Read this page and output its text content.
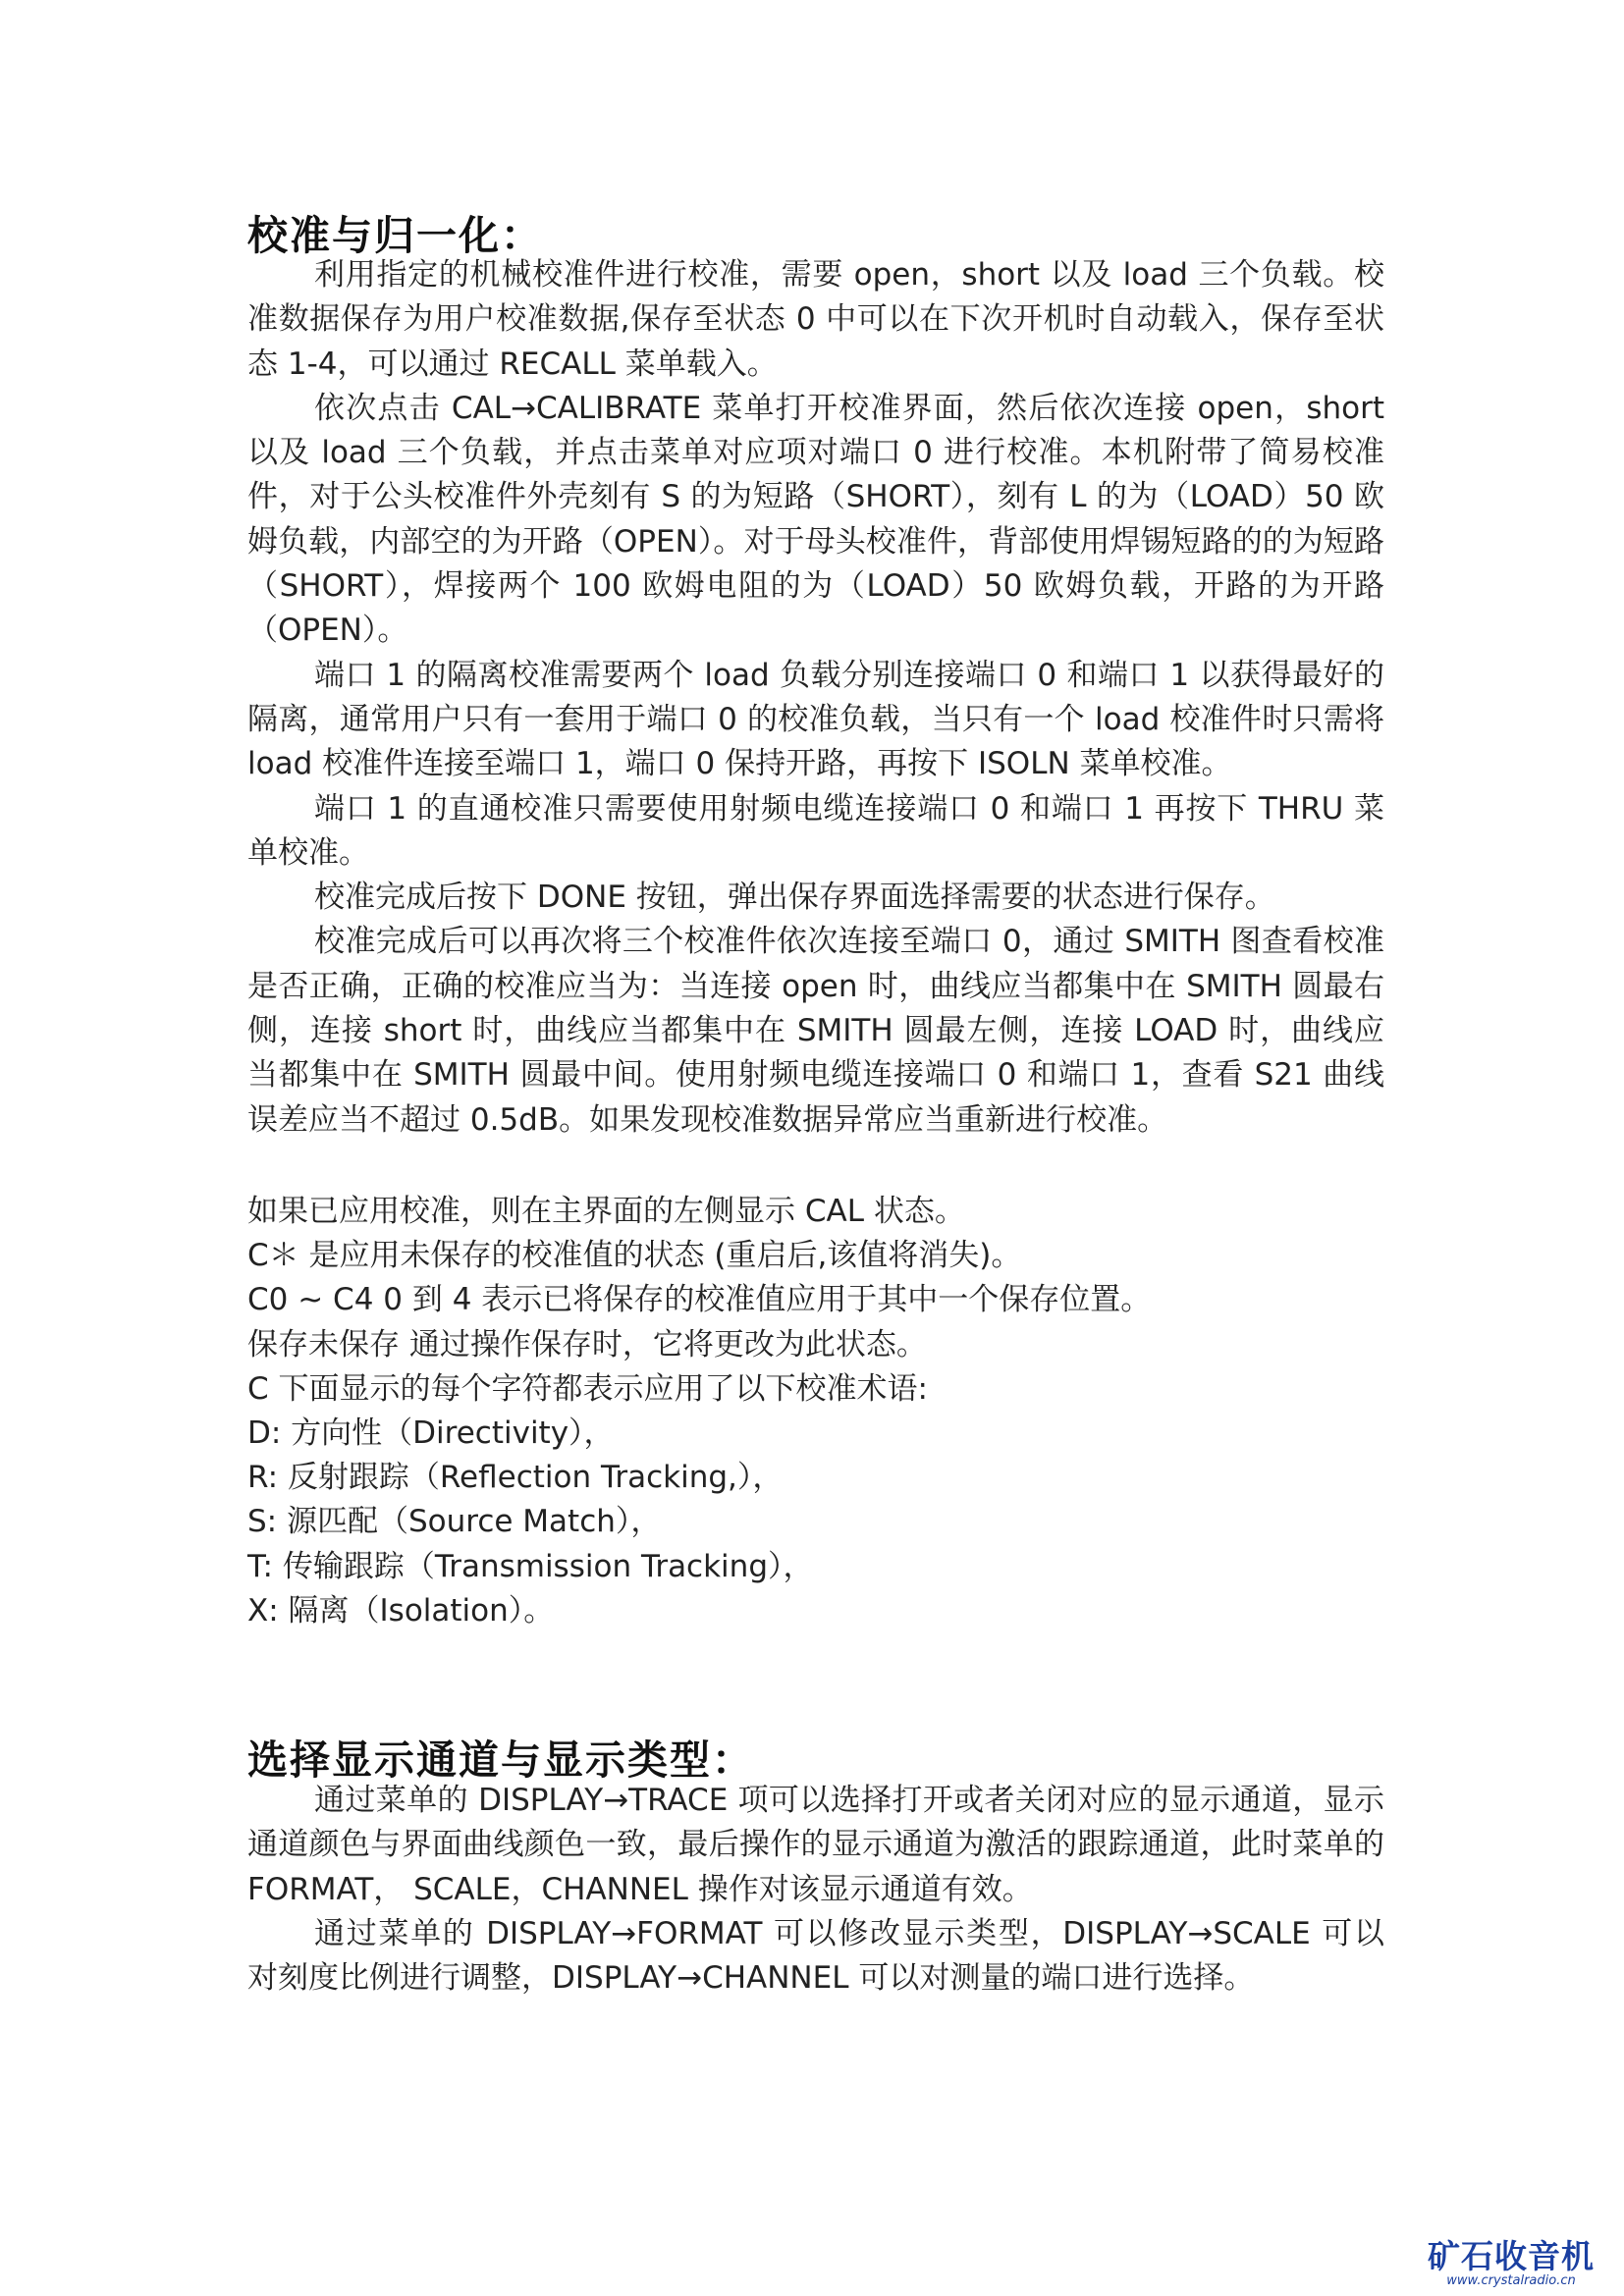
校准与归一化：

利用指定的机械校准件进行校准，需要 open，short 以及 load 三个负载。校准数据保存为用户校准数据,保存至状态 0 中可以在下次开机时自动载入，保存至状态 1-4，可以通过 RECALL 菜单载入。

依次点击 CAL→CALIBRATE 菜单打开校准界面，然后依次连接 open，short 以及 load 三个负载，并点击菜单对应项对端口 0 进行校准。本机附带了简易校准件，对于公头校准件外壳刻有 S 的为短路（SHORT），刻有 L 的为（LOAD）50 欧姆负载，内部空的为开路（OPEN）。对于母头校准件，背部使用焊锡短路的的为短路（SHORT），焊接两个 100 欧姆电阻的为（LOAD）50 欧姆负载，开路的为开路（OPEN）。

端口 1 的隔离校准需要两个 load 负载分别连接端口 0 和端口 1 以获得最好的隔离，通常用户只有一套用于端口 0 的校准负载，当只有一个 load 校准件时只需将 load 校准件连接至端口 1，端口 0 保持开路，再按下 ISOLN 菜单校准。

端口 1 的直通校准只需要使用射频电缆连接端口 0 和端口 1 再按下 THRU 菜单校准。

校准完成后按下 DONE 按钮，弹出保存界面选择需要的状态进行保存。

校准完成后可以再次将三个校准件依次连接至端口 0，通过 SMITH 图查看校准是否正确，正确的校准应当为：当连接 open 时，曲线应当都集中在 SMITH 圆最右侧，连接 short 时，曲线应当都集中在 SMITH 圆最左侧，连接 LOAD 时，曲线应当都集中在 SMITH 圆最中间。使用射频电缆连接端口 0 和端口 1，查看 S21 曲线误差应当不超过 0.5dB。如果发现校准数据异常应当重新进行校准。

如果已应用校准，则在主界面的左侧显示 CAL 状态。

C＊ 是应用未保存的校准值的状态 (重启后,该值将消失)。

C0 ~ C4 0 到 4 表示已将保存的校准值应用于其中一个保存位置。

保存未保存 通过操作保存时，它将更改为此状态。

C 下面显示的每个字符都表示应用了以下校准术语:

D: 方向性（Directivity），

R: 反射跟踪（Reflection Tracking,），

S: 源匹配（Source Match），

T: 传输跟踪（Transmission Tracking），

X: 隔离（Isolation）。

选择显示通道与显示类型：

通过菜单的 DISPLAY→TRACE 项可以选择打开或者关闭对应的显示通道，显示通道颜色与界面曲线颜色一致，最后操作的显示通道为激活的跟踪通道，此时菜单的 FORMAT， SCALE，CHANNEL 操作对该显示通道有效。

通过菜单的 DISPLAY→FORMAT 可以修改显示类型，DISPLAY→SCALE 可以对刻度比例进行调整，DISPLAY→CHANNEL 可以对测量的端口进行选择。

矿石收音机
www.crystalradio.cn
